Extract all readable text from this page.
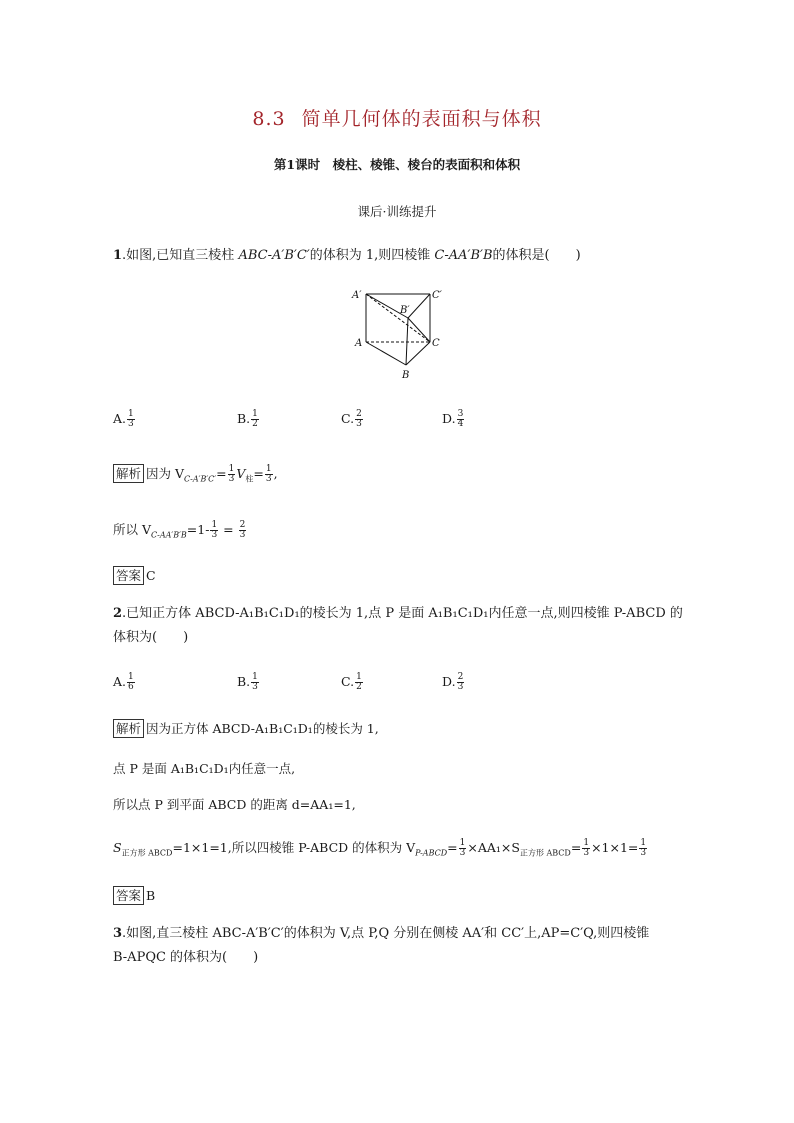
8.3 简单几何体的表面积与体积
第1课时　棱柱、棱锥、棱台的表面积和体积
课后·训练提升
1.如图,已知直三棱柱 ABC-A′B′C′的体积为 1,则四棱锥 C-AA′B′B的体积是(　　)
A′
B′
C′
A
B
C
A. $\frac{1}{3}$	B. $\frac{1}{2}$	C. $\frac{2}{3}$	D. $\frac{3}{4}$
解析 因为 $V_{C-A'B'C'}= \frac{1}{3} V_柱= \frac{1}{3}$ ,
所以 $V_{C-AA'B'B}=1- \frac{1}{3} = \frac{2}{3}$
答案 C
2.已知正方体 ABCD-A₁B₁C₁D₁的棱长为 1,点 P 是面 A₁B₁C₁D₁内任意一点,则四棱锥 P-ABCD 的
体积为(　　)
A. $\frac{1}{6}$	B. $\frac{1}{3}$	C. $\frac{1}{2}$	D. $\frac{2}{3}$
解析 因为正方体 ABCD-A₁B₁C₁D₁的棱长为 1,
点 P 是面 A₁B₁C₁D₁内任意一点,
所以点 P 到平面 ABCD 的距离 d=AA₁=1,
$S_{正方形 ABCD}=1\times 1=1$,所以四棱锥 P-ABCD 的体积为 $V_{P-ABCD}= \frac{1}{3} \times AA_1\times S_{正方形 ABCD}= \frac{1}{3} \times 1\times 1= \frac{1}{3}$
答案 B
3.如图,直三棱柱 ABC-A′B′C′的体积为 V,点 P,Q 分别在侧棱 AA′和 CC′上,AP=C′Q,则四棱锥
B-APQC 的体积为(　　)
